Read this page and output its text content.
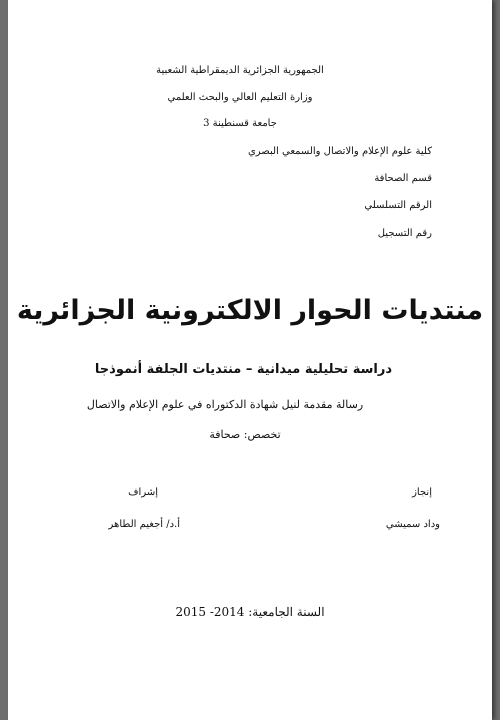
الجمهورية الجزائرية الديمقراطية الشعبية
وزارة التعليم العالي والبحث العلمي
جامعة قسنطينة 3
كلية علوم الإعلام والاتصال والسمعي البصري
قسم الصحافة
الرقم التسلسلي
رقم التسجيل
منتديات الحوار الالكترونية الجزائرية
دراسة تحليلية ميدانية – منتديات الجلفة أنموذجا
رسالة مقدمة لنيل شهادة الدكتوراه في علوم الإعلام والاتصال
تخصص: صحافة
إنجاز
إشراف
وداد سميشي
أ.د/ أجغيم الطاهر
السنة الجامعية: 2014- 2015
